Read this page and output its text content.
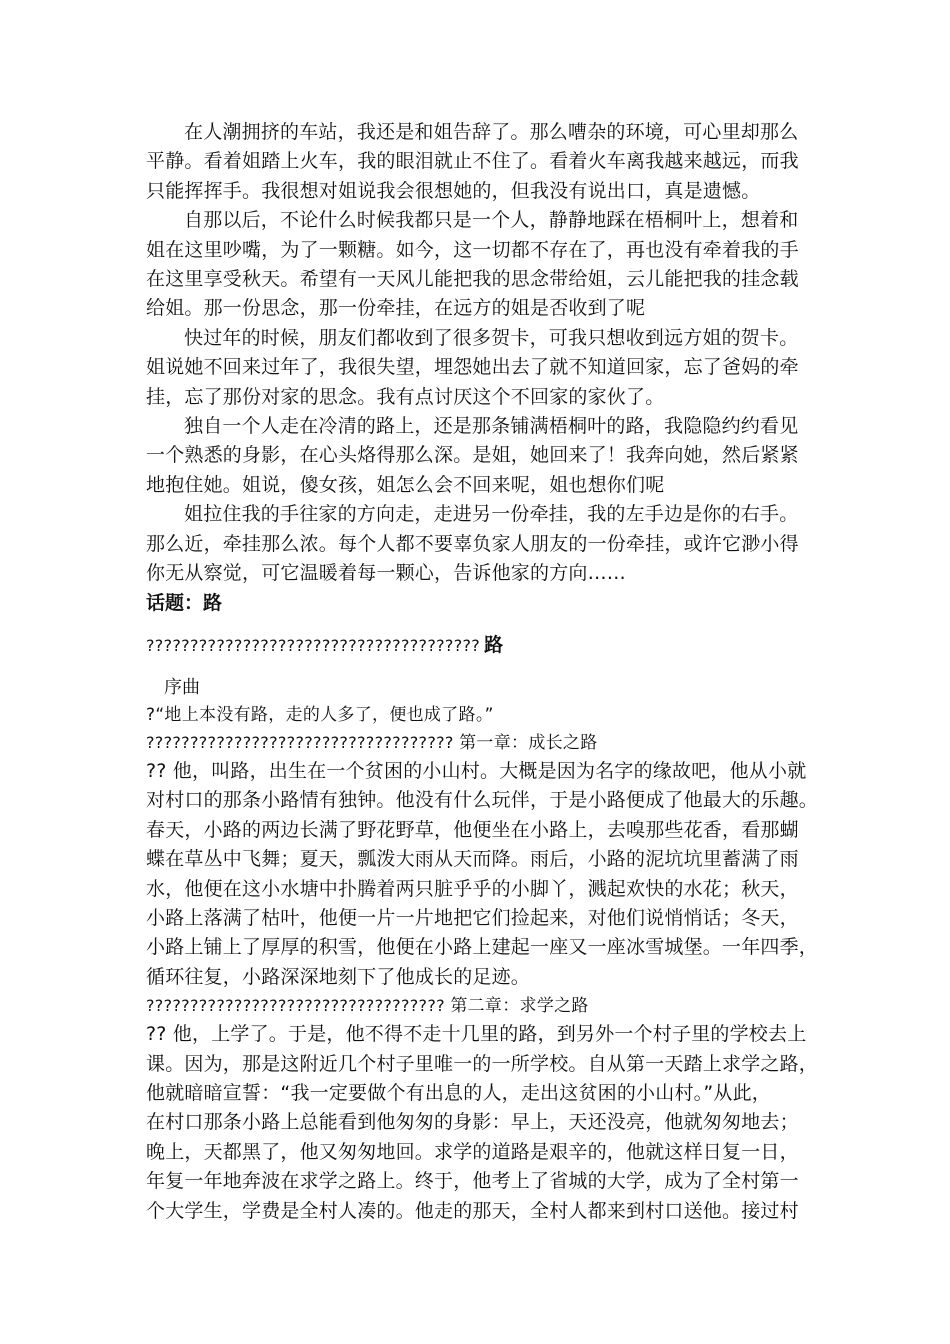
在人潮拥挤的车站，我还是和姐告辞了。那么嘈杂的环境，可心里却那么

平静。看着姐踏上火车，我的眼泪就止不住了。看着火车离我越来越远，而我

只能挥挥手。我很想对姐说我会很想她的，但我没有说出口，真是遗憾。

自那以后，不论什么时候我都只是一个人，静静地踩在梧桐叶上，想着和

姐在这里吵嘴，为了一颗糖。如今，这一切都不存在了，再也没有牵着我的手

在这里享受秋天。希望有一天风儿能把我的思念带给姐，云儿能把我的挂念载

给姐。那一份思念，那一份牵挂，在远方的姐是否收到了呢

快过年的时候，朋友们都收到了很多贺卡，可我只想收到远方姐的贺卡。

姐说她不回来过年了，我很失望，埋怨她出去了就不知道回家，忘了爸妈的牵

挂，忘了那份对家的思念。我有点讨厌这个不回家的家伙了。

独自一个人走在冷清的路上，还是那条铺满梧桐叶的路，我隐隐约约看见

一个熟悉的身影，在心头烙得那么深。是姐，她回来了！我奔向她，然后紧紧

地抱住她。姐说，傻女孩，姐怎么会不回来呢，姐也想你们呢

姐拉住我的手往家的方向走，走进另一份牵挂，我的左手边是你的右手。

那么近，牵挂那么浓。每个人都不要辜负家人朋友的一份牵挂，或许它渺小得

你无从察觉，可它温暖着每一颗心，告诉他家的方向……

话题：路

?????????????????????????????????????? 路
序曲
?“地上本没有路，走的人多了，便也成了路。”
??????????????????????????????????? 第一章：成长之路

?? 他，叫路，出生在一个贫困的小山村。大概是因为名字的缘故吧，他从小就

对村口的那条小路情有独钟。他没有什么玩伴，于是小路便成了他最大的乐趣。

春天，小路的两边长满了野花野草，他便坐在小路上，去嗅那些花香，看那蝴

蝶在草丛中飞舞；夏天，瓢泼大雨从天而降。雨后，小路的泥坑坑里蓄满了雨

水，他便在这小水塘中扑腾着两只脏乎乎的小脚丫，溅起欢快的水花；秋天，

小路上落满了枯叶，他便一片一片地把它们捡起来，对他们说悄悄话；冬天，

小路上铺上了厚厚的积雪，他便在小路上建起一座又一座冰雪城堡。一年四季，

循环往复，小路深深地刻下了他成长的足迹。

?????????????????????????????????? 第二章：求学之路

?? 他，上学了。于是，他不得不走十几里的路，到另外一个村子里的学校去上

课。因为，那是这附近几个村子里唯一的一所学校。自从第一天踏上求学之路，

他就暗暗宣誓：“我一定要做个有出息的人，走出这贫困的小山村。”从此，

在村口那条小路上总能看到他匆匆的身影：早上，天还没亮，他就匆匆地去；

晚上，天都黑了，他又匆匆地回。求学的道路是艰辛的，他就这样日复一日，

年复一年地奔波在求学之路上。终于，他考上了省城的大学，成为了全村第一

个大学生，学费是全村人凑的。他走的那天，全村人都来到村口送他。接过村
